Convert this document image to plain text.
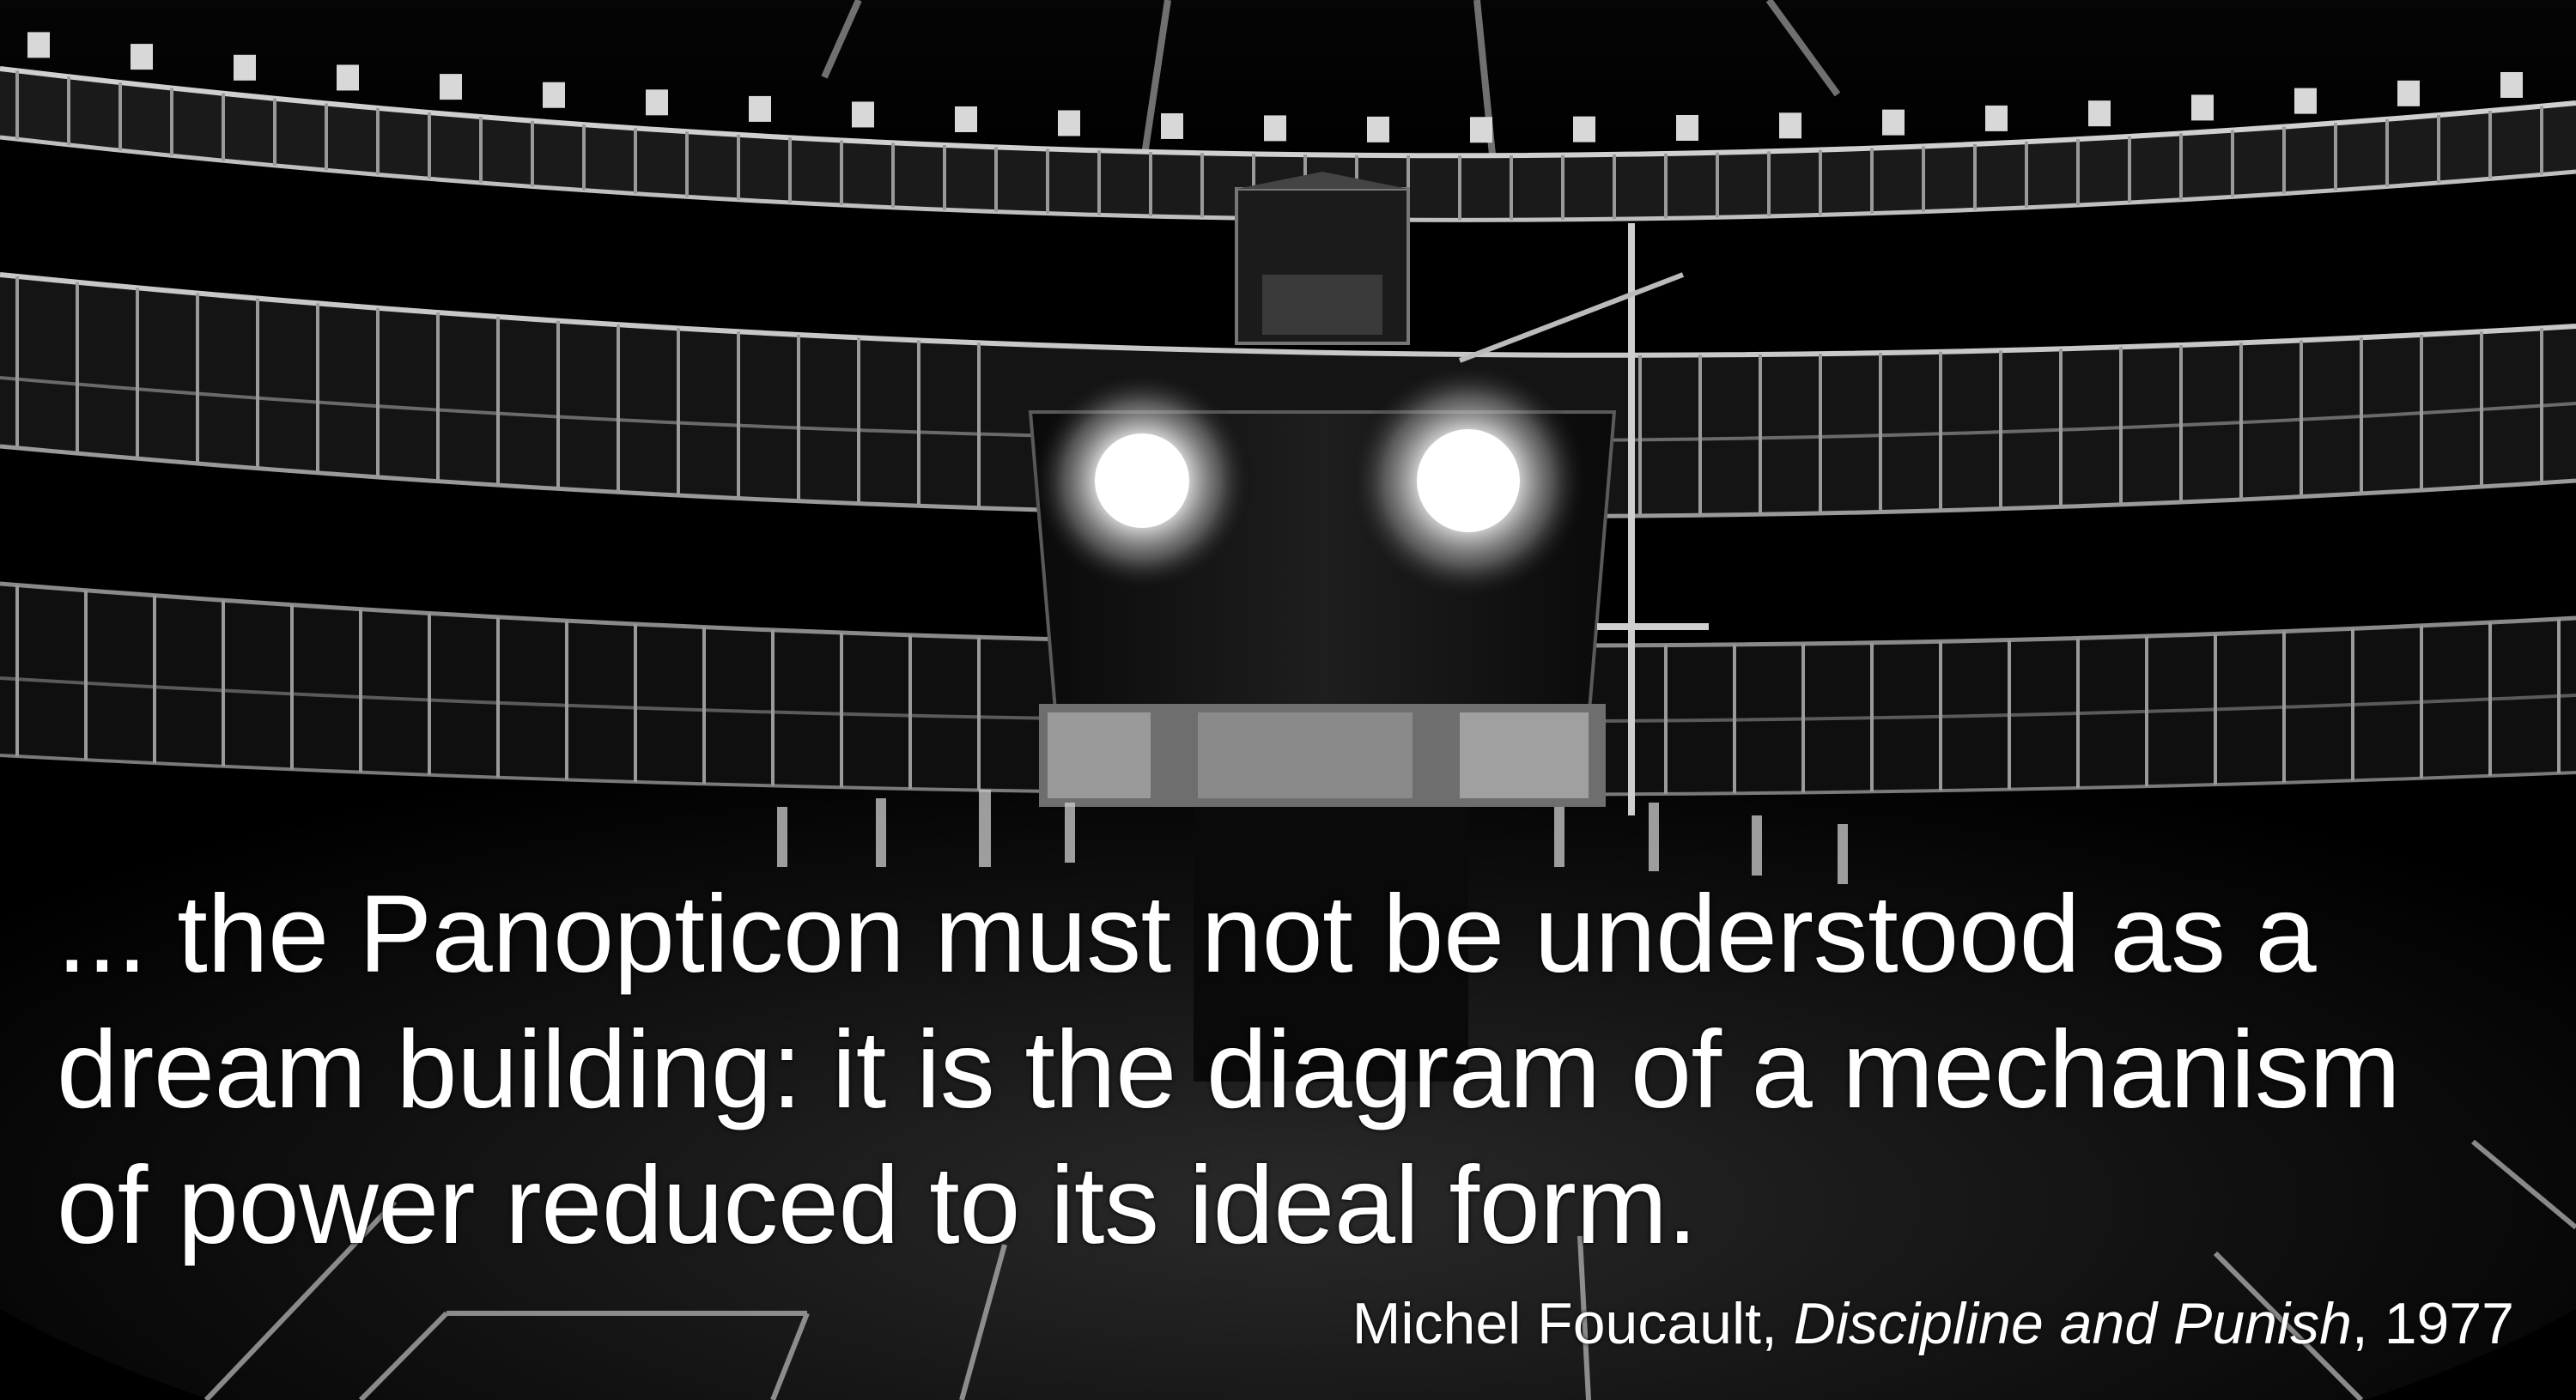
... the Panopticon must not be understood as a
dream building: it is the diagram of a mechanism
of power reduced to its ideal form.

Michel Foucault, Discipline and Punish, 1977
